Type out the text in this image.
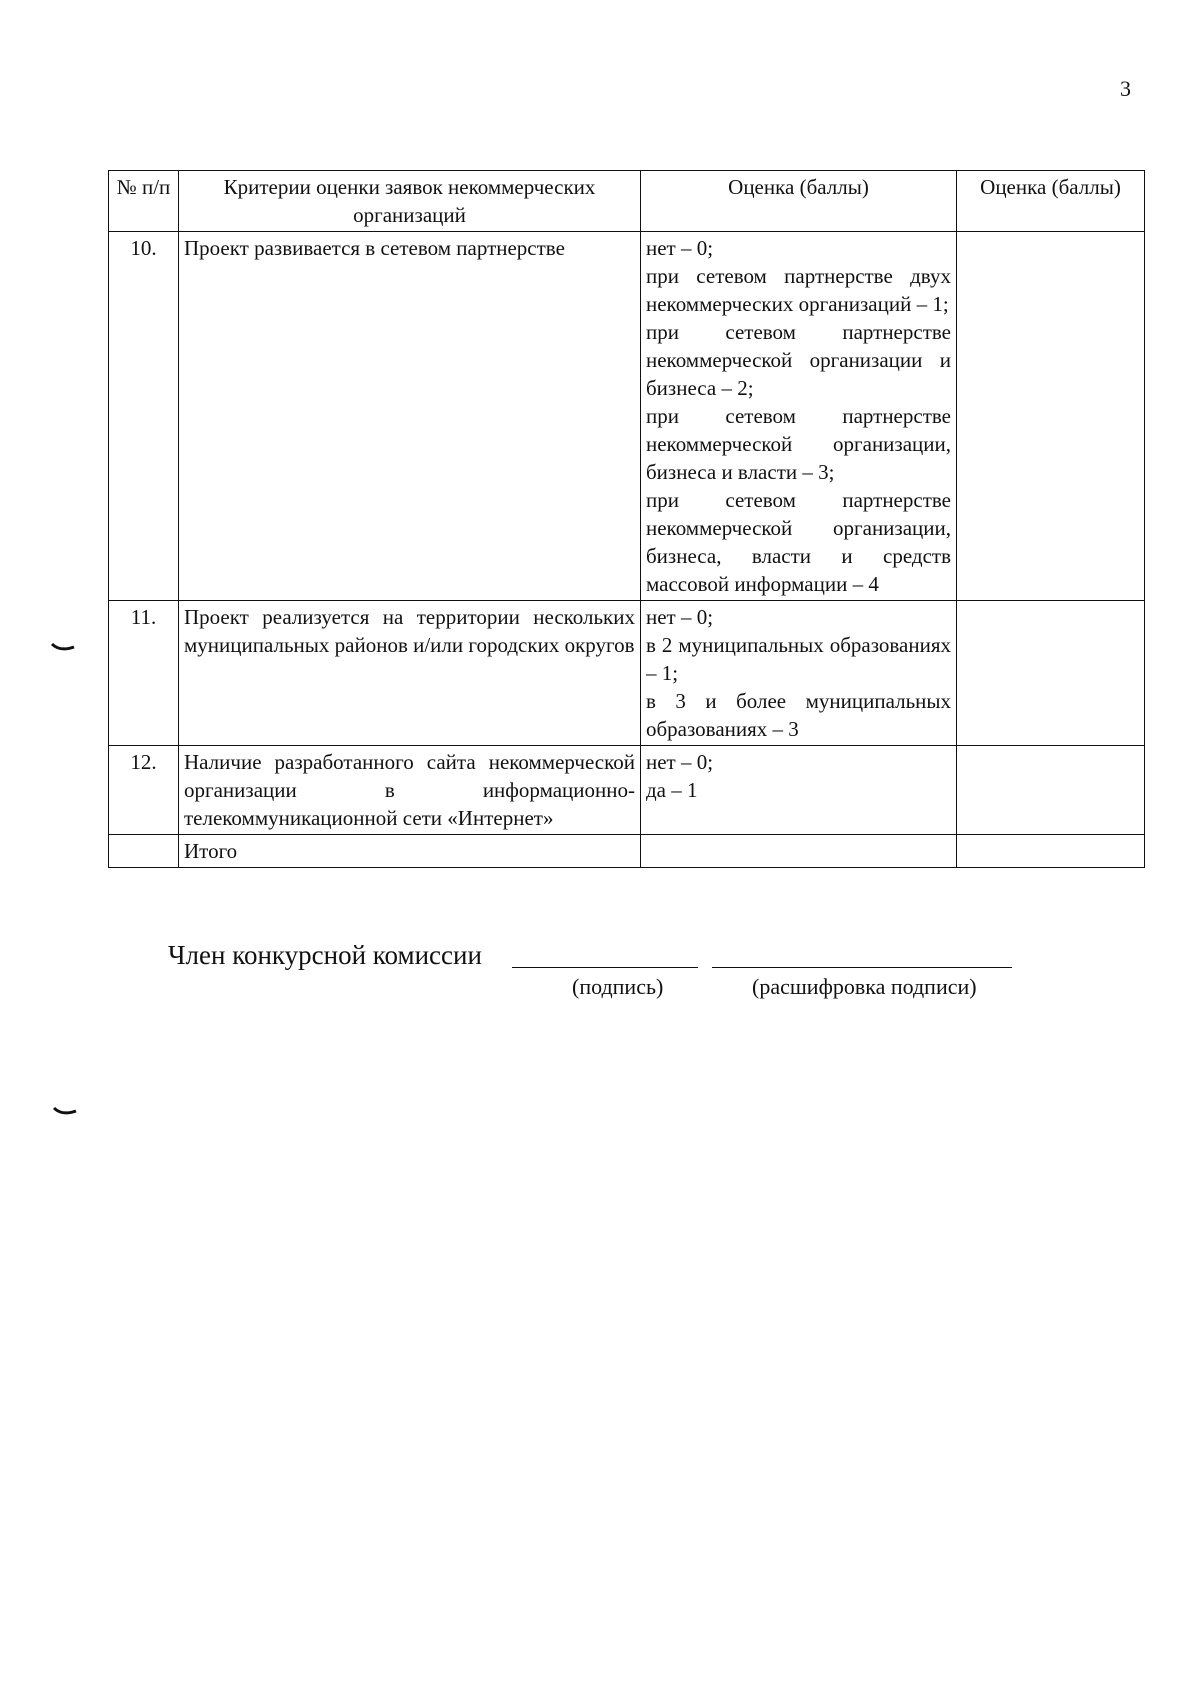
3
№ п/п	Критерии оценки заявок некоммерческих организаций	Оценка (баллы)	Оценка (баллы)
10.	Проект развивается в сетевом партнерстве	нет – 0;
при сетевом партнерстве двух некоммерческих организаций – 1;
при сетевом партнерстве некоммерческой организации и бизнеса – 2;
при сетевом партнерстве некоммерческой организации, бизнеса и власти – 3;
при сетевом партнерстве некоммерческой организации, бизнеса, власти и средств массовой информации – 4	

11.	Проект реализуется на территории нескольких муниципальных районов и/или городских округов	нет – 0;
в 2 муниципальных образованиях – 1;
в 3 и более муниципальных образованиях – 3	

12.	Наличие разработанного сайта некоммерческой организации в информационно-телекоммуникационной сети «Интернет»	нет – 0;
да – 1	

	Итого		
Член конкурсной комиссии
(подпись)	(расшифровка подписи)
